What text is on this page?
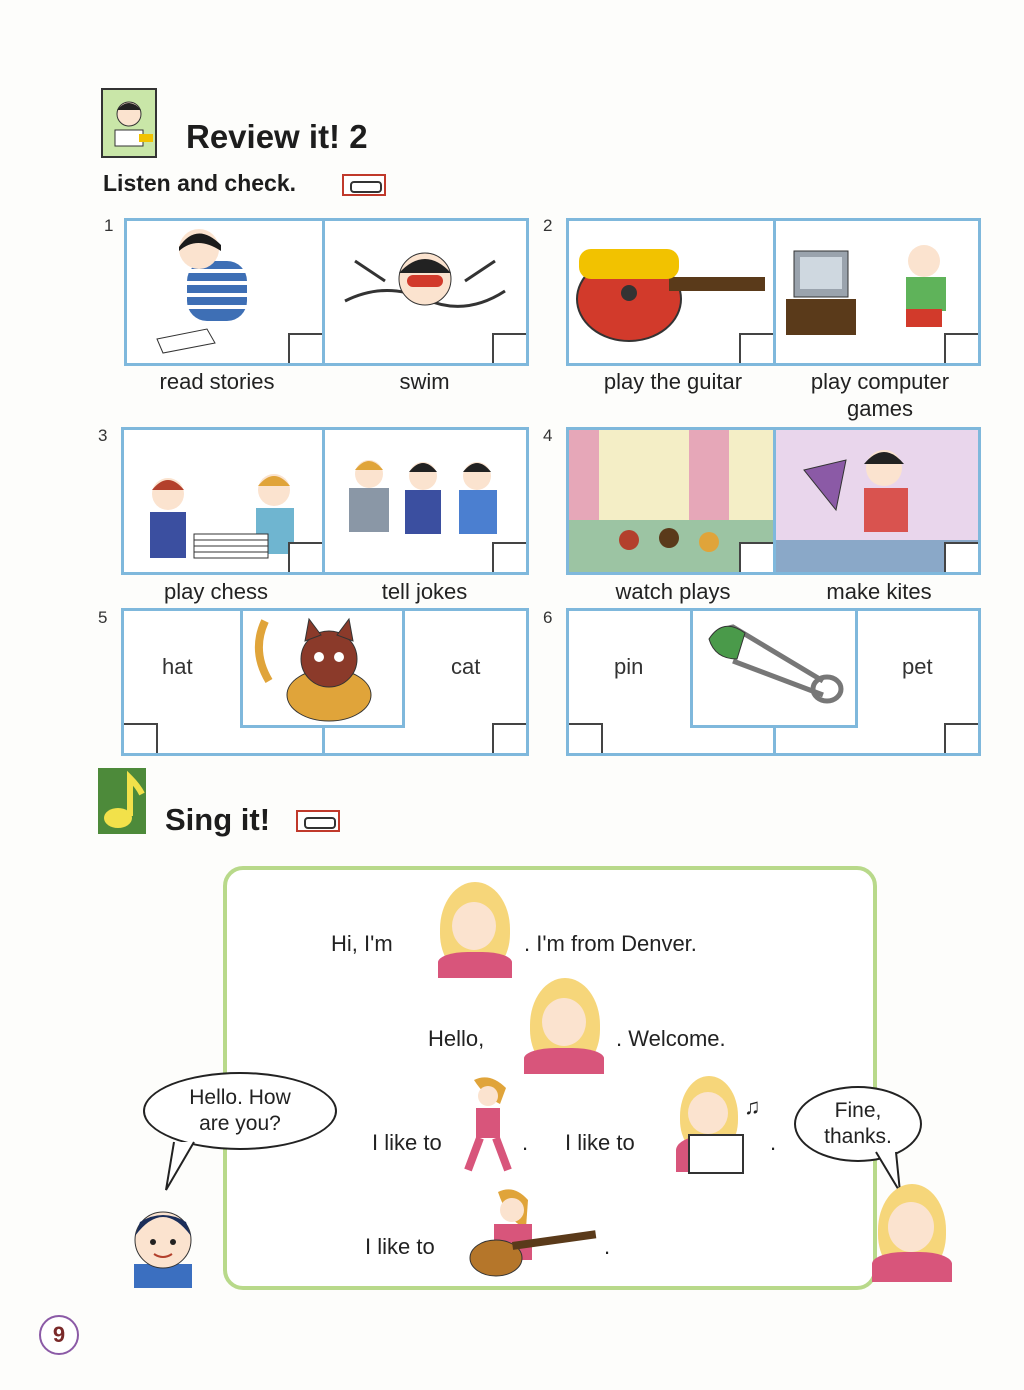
Review it! 2
Listen and check.
1
read stories	swim
2
play the guitar	play computer
games
3
play chess	tell jokes
4
watch plays	make kites
5
hat	cat
6
pin	pet
Sing it!
Hi, I'm	. I'm from Denver.
Hello,	. Welcome.
I like to	. I like to
♫
.
I like to	.
Hello. How
are you?
Fine,
thanks.
9
